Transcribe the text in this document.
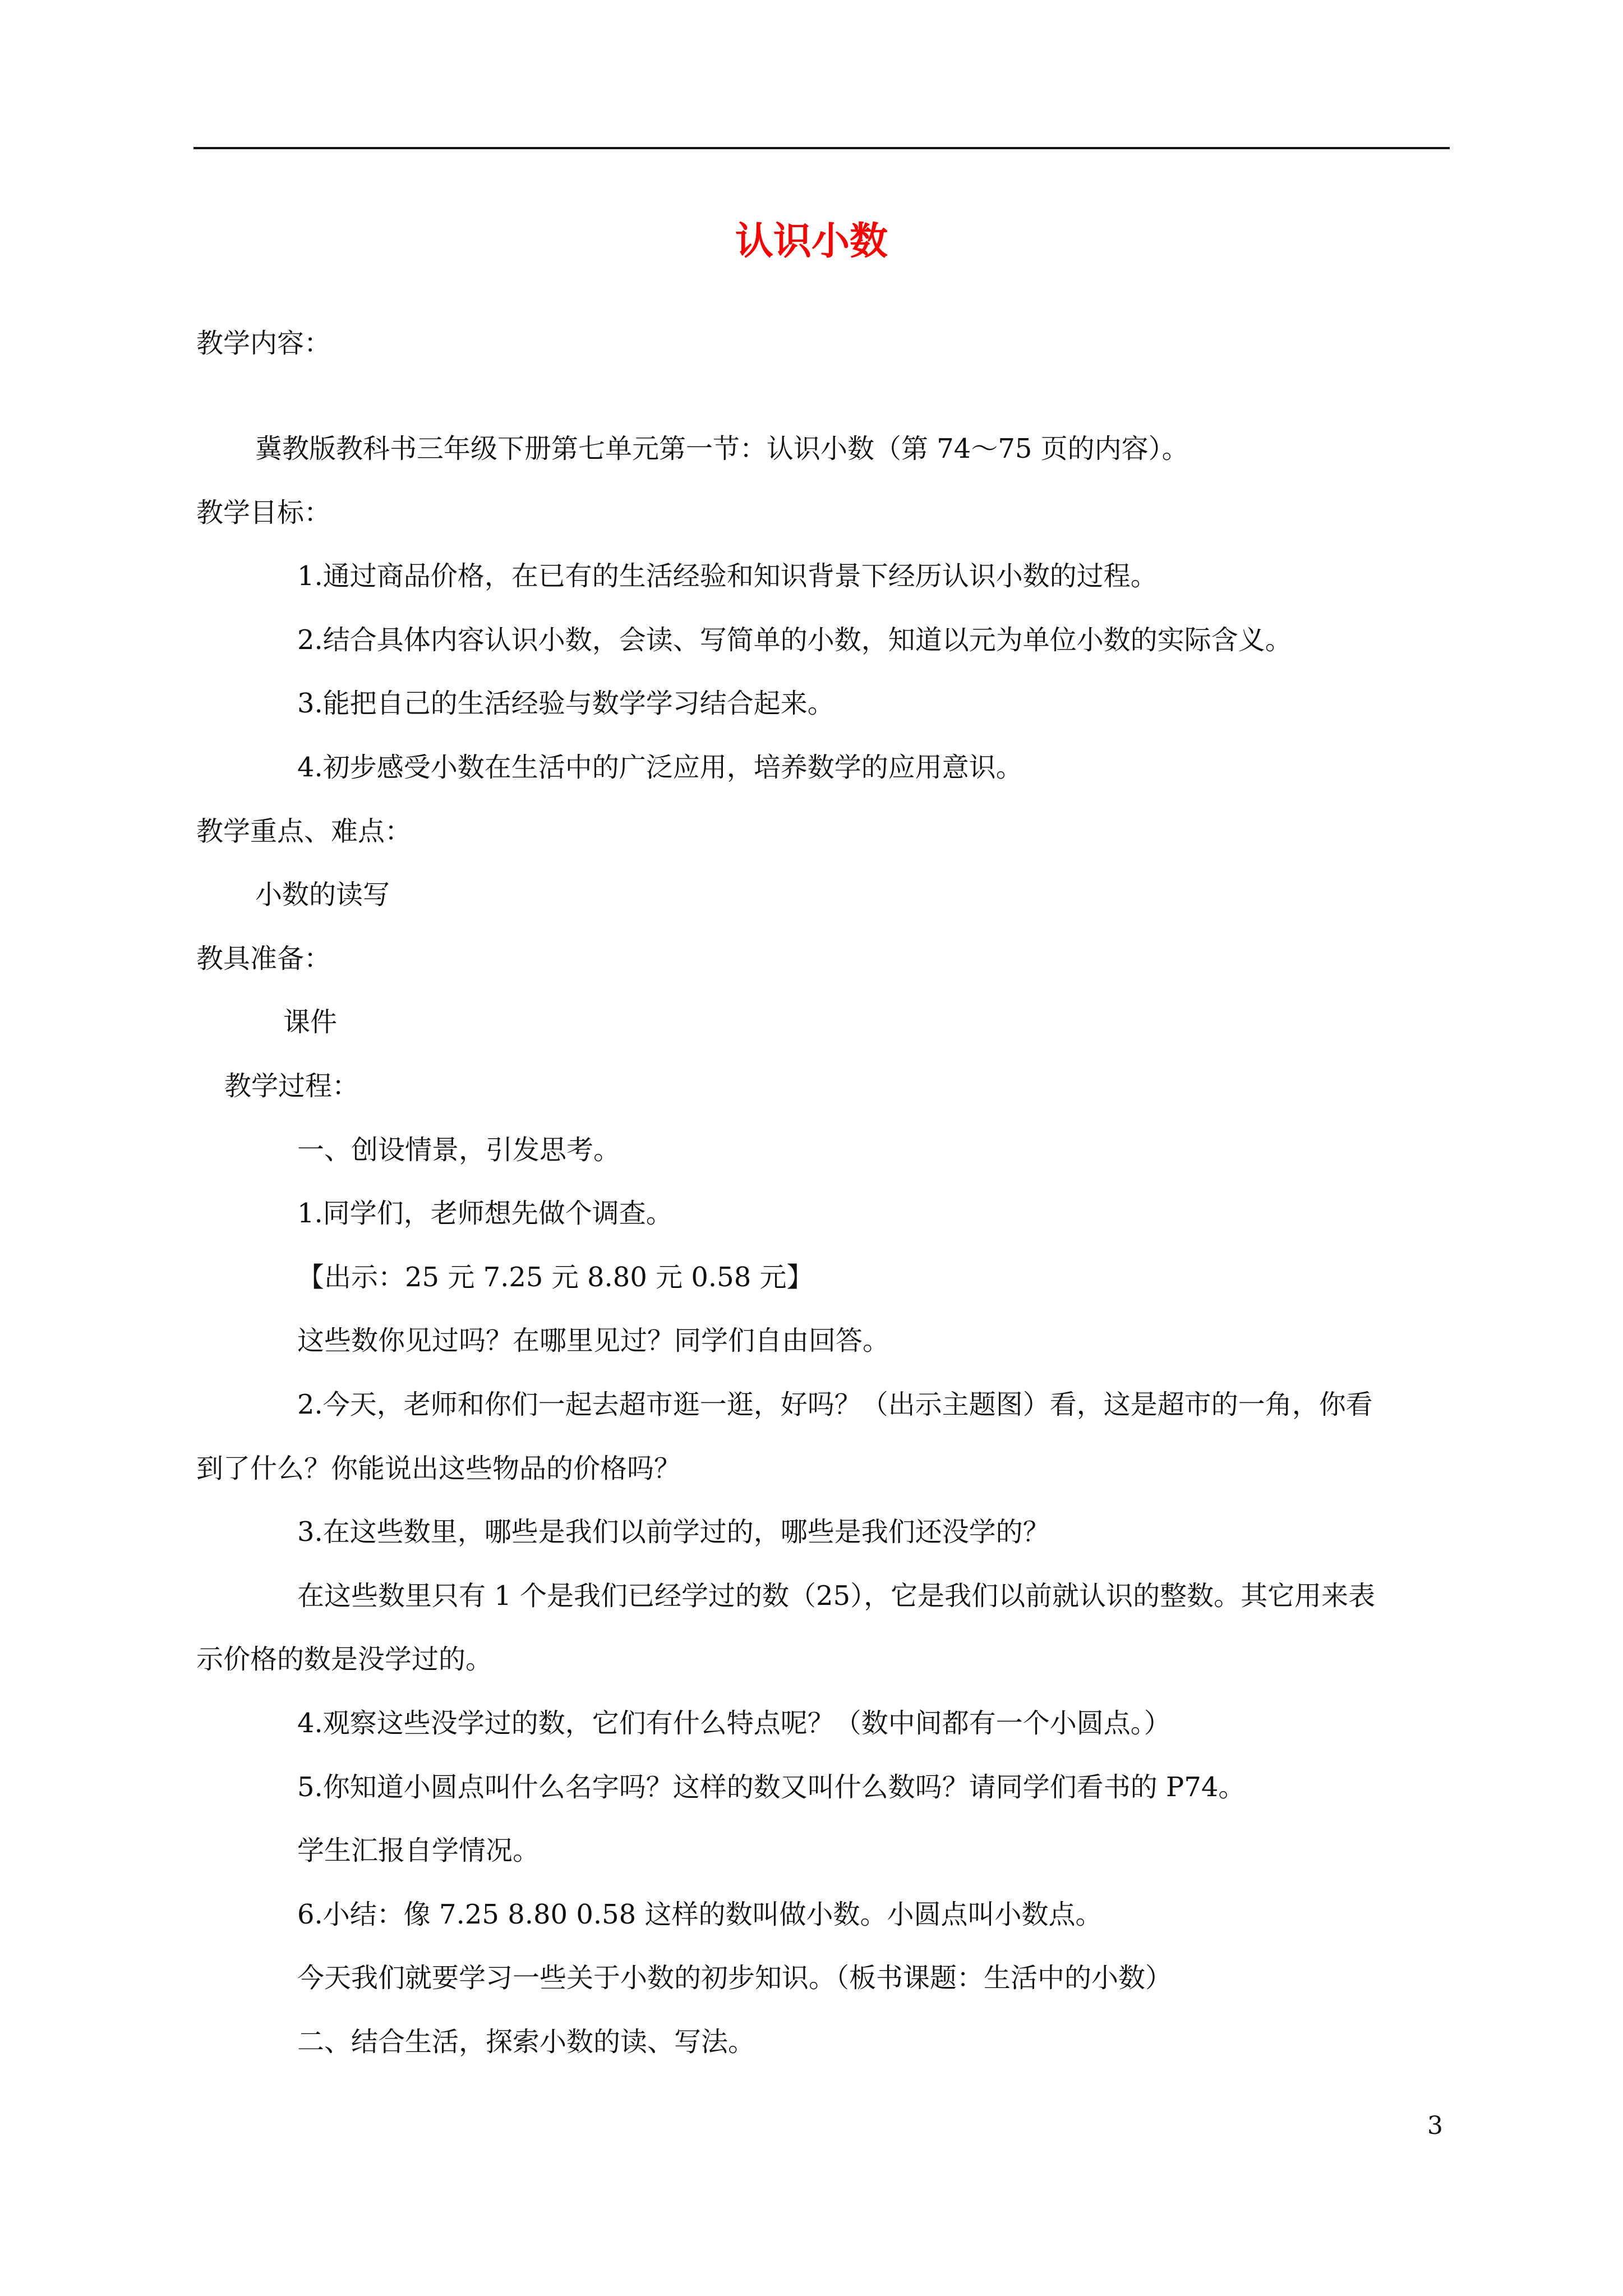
认识小数
教学内容：
冀教版教科书三年级下册第七单元第一节：认识小数（第 74～75 页的内容）。
教学目标：
1.通过商品价格，在已有的生活经验和知识背景下经历认识小数的过程。
2.结合具体内容认识小数，会读、写简单的小数，知道以元为单位小数的实际含义。
3.能把自己的生活经验与数学学习结合起来。
4.初步感受小数在生活中的广泛应用，培养数学的应用意识。
教学重点、难点：
小数的读写
教具准备：
课件
教学过程：
一、创设情景，引发思考。
1.同学们，老师想先做个调查。
【出示：25 元 7.25 元 8.80 元 0.58 元】
这些数你见过吗？在哪里见过？同学们自由回答。
2.今天，老师和你们一起去超市逛一逛，好吗？（出示主题图）看，这是超市的一角，你看
到了什么？你能说出这些物品的价格吗？
3.在这些数里，哪些是我们以前学过的，哪些是我们还没学的？
在这些数里只有 1 个是我们已经学过的数（25），它是我们以前就认识的整数。其它用来表
示价格的数是没学过的。
4.观察这些没学过的数，它们有什么特点呢？（数中间都有一个小圆点。）
5.你知道小圆点叫什么名字吗？这样的数又叫什么数吗？请同学们看书的 P74。
学生汇报自学情况。
6.小结：像 7.25 8.80 0.58 这样的数叫做小数。小圆点叫小数点。
今天我们就要学习一些关于小数的初步知识。（板书课题：生活中的小数）
二、结合生活，探索小数的读、写法。
3
